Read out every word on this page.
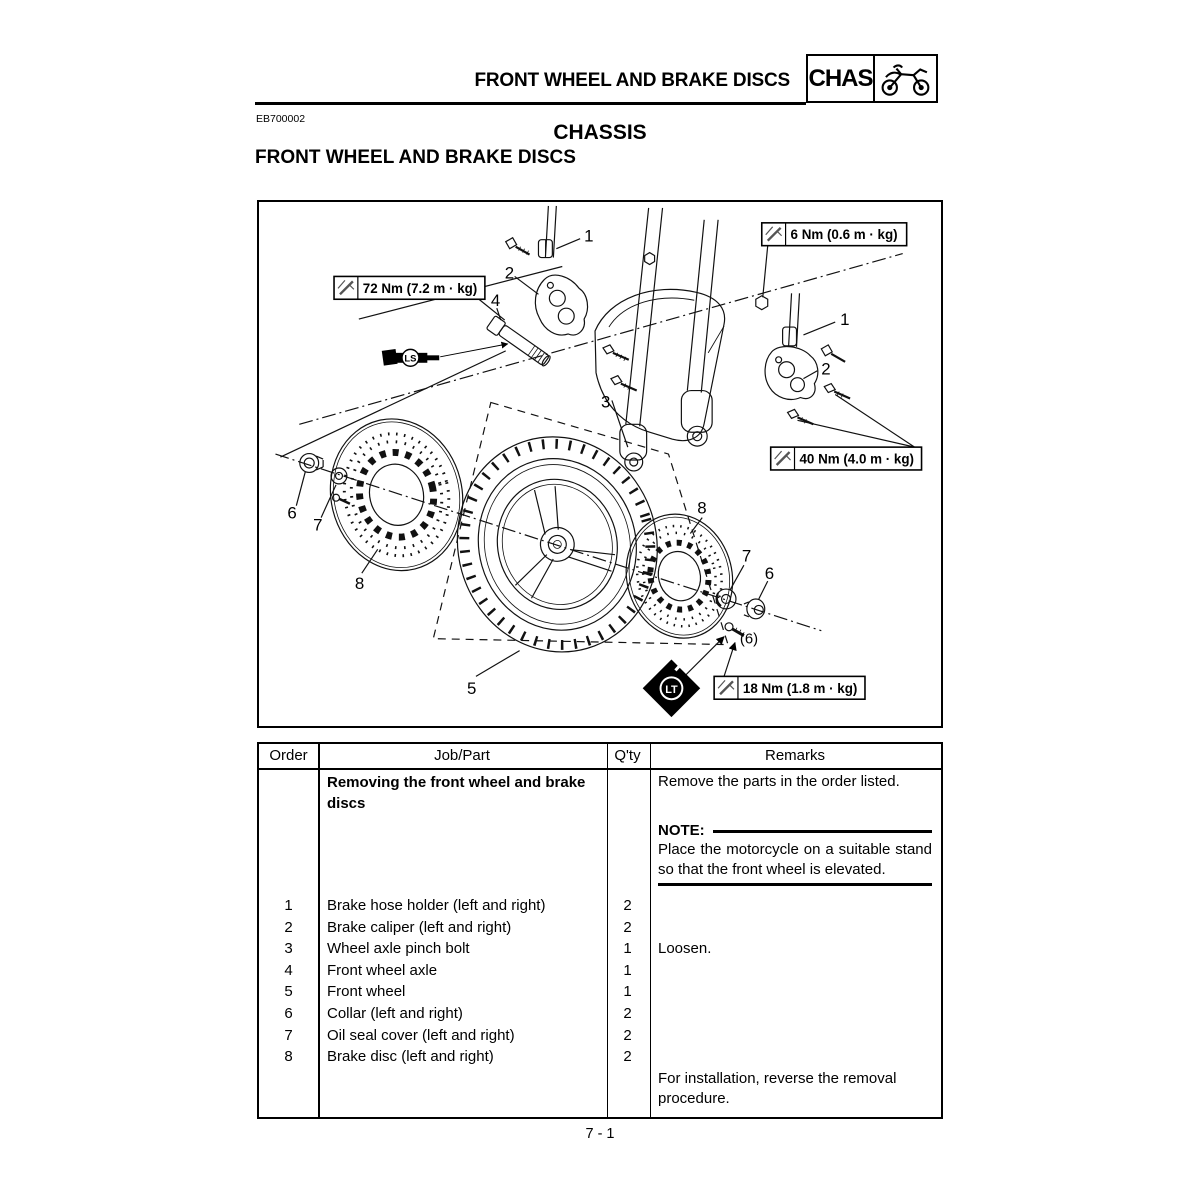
FRONT WHEEL AND BRAKE DISCS CHAS
EB700002
CHASSIS
FRONT WHEEL AND BRAKE DISCS
LS
LT
6 Nm (0.6 m · kg)
72 Nm (7.2 m · kg)
40 Nm (4.0 m · kg)
18 Nm (1.8 m · kg)
1
2
4
3
1
2
6
7
8
8
7
6
5
(6)
Order	Job/Part	Q'ty	Remarks
Removing the front wheel and brake discs
Remove the parts in the order listed.
NOTE:
Place the motorcycle on a suitable stand so that the front wheel is elevated.
1	Brake hose holder (left and right)	2
2	Brake caliper (left and right)	2
3	Wheel axle pinch bolt	1	Loosen.
4	Front wheel axle	1
5	Front wheel	1
6	Collar (left and right)	2
7	Oil seal cover (left and right)	2
8	Brake disc (left and right)	2
For installation, reverse the removal procedure.
7 - 1
